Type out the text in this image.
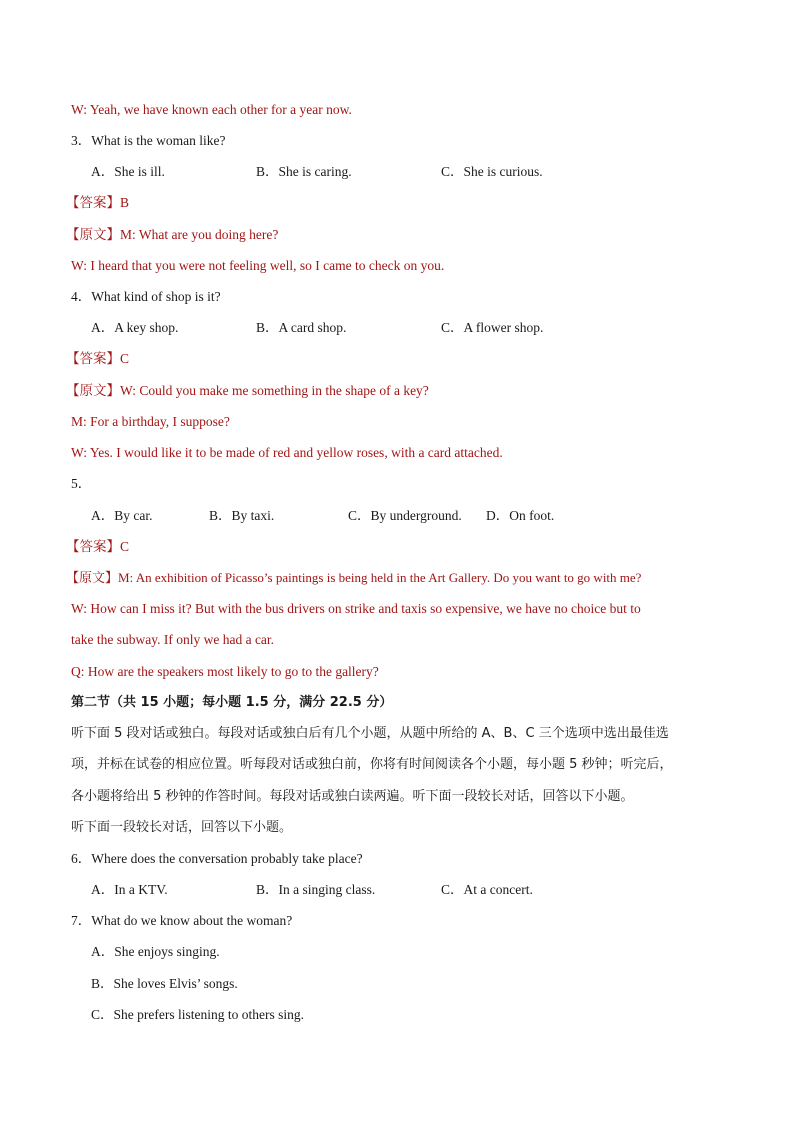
W: Yeah, we have known each other for a year now.
3．What is the woman like?
A．She is ill.	B．She is caring.	C．She is curious.
【答案】B
【原文】M: What are you doing here?
W: I heard that you were not feeling well, so I came to check on you.
4．What kind of shop is it?
A．A key shop.	B．A card shop.	C．A flower shop.
【答案】C
【原文】W: Could you make me something in the shape of a key?
M: For a birthday, I suppose?
W: Yes. I would like it to be made of red and yellow roses, with a card attached.
5．
A．By car.	B．By taxi.	C．By underground. D．On foot.
【答案】C
【原文】M: An exhibition of Picasso’s paintings is being held in the Art Gallery. Do you want to go with me?
W: How can I miss it? But with the bus drivers on strike and taxis so expensive, we have no choice but to
take the subway. If only we had a car.
Q: How are the speakers most likely to go to the gallery?
第二节（共 15 小题；每小题 1.5 分，满分 22.5 分）
听下面 5 段对话或独白。每段对话或独白后有几个小题，从题中所给的 A、B、C 三个选项中选出最佳选
项，并标在试卷的相应位置。听每段对话或独白前，你将有时间阅读各个小题，每小题 5 秒钟；听完后，
各小题将给出 5 秒钟的作答时间。每段对话或独白读两遍。听下面一段较长对话，回答以下小题。
听下面一段较长对话，回答以下小题。
6．Where does the conversation probably take place?
A．In a KTV.	B．In a singing class.	C．At a concert.
7．What do we know about the woman?
A．She enjoys singing.
B．She loves Elvis’ songs.
C．She prefers listening to others sing.
